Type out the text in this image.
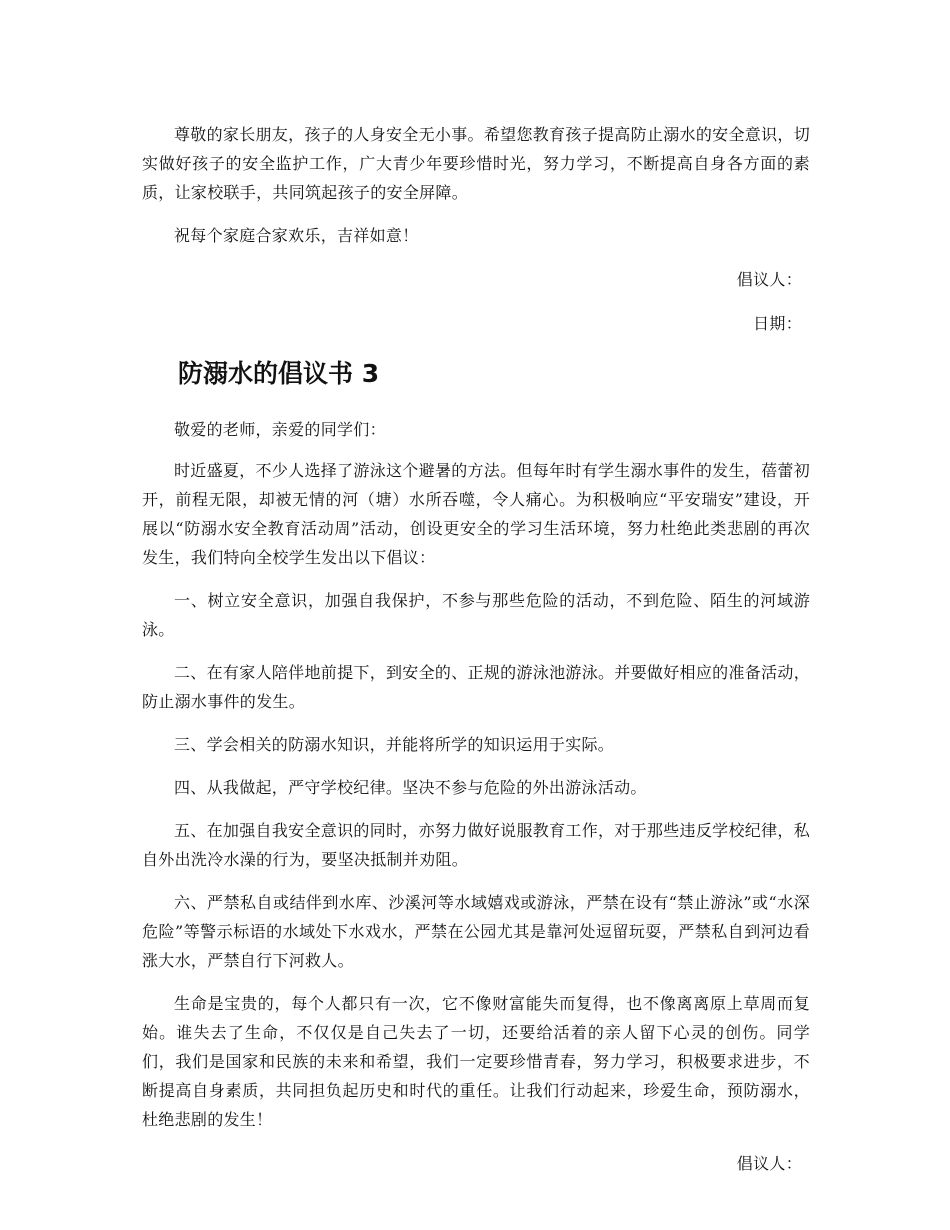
尊敬的家长朋友，孩子的人身安全无小事。希望您教育孩子提高防止溺水的安全意识，切实做好孩子的安全监护工作，广大青少年要珍惜时光，努力学习，不断提高自身各方面的素质，让家校联手，共同筑起孩子的安全屏障。

祝每个家庭合家欢乐，吉祥如意！

倡议人：

日期：

防溺水的倡议书 3

敬爱的老师，亲爱的同学们：

时近盛夏，不少人选择了游泳这个避暑的方法。但每年时有学生溺水事件的发生，蓓蕾初开，前程无限，却被无情的河（塘）水所吞噬，令人痛心。为积极响应“平安瑞安”建设，开展以“防溺水安全教育活动周”活动，创设更安全的学习生活环境，努力杜绝此类悲剧的再次发生，我们特向全校学生发出以下倡议：

一、树立安全意识，加强自我保护，不参与那些危险的活动，不到危险、陌生的河域游泳。

二、在有家人陪伴地前提下，到安全的、正规的游泳池游泳。并要做好相应的准备活动，防止溺水事件的发生。

三、学会相关的防溺水知识，并能将所学的知识运用于实际。

四、从我做起，严守学校纪律。坚决不参与危险的外出游泳活动。

五、在加强自我安全意识的同时，亦努力做好说服教育工作，对于那些违反学校纪律，私自外出洗冷水澡的行为，要坚决抵制并劝阻。

六、严禁私自或结伴到水库、沙溪河等水域嬉戏或游泳，严禁在设有“禁止游泳”或“水深危险”等警示标语的水域处下水戏水，严禁在公园尤其是靠河处逗留玩耍，严禁私自到河边看涨大水，严禁自行下河救人。

生命是宝贵的，每个人都只有一次，它不像财富能失而复得，也不像离离原上草周而复始。谁失去了生命，不仅仅是自己失去了一切，还要给活着的亲人留下心灵的创伤。同学们，我们是国家和民族的未来和希望，我们一定要珍惜青春，努力学习，积极要求进步，不断提高自身素质，共同担负起历史和时代的重任。让我们行动起来，珍爱生命，预防溺水，杜绝悲剧的发生！

倡议人：
